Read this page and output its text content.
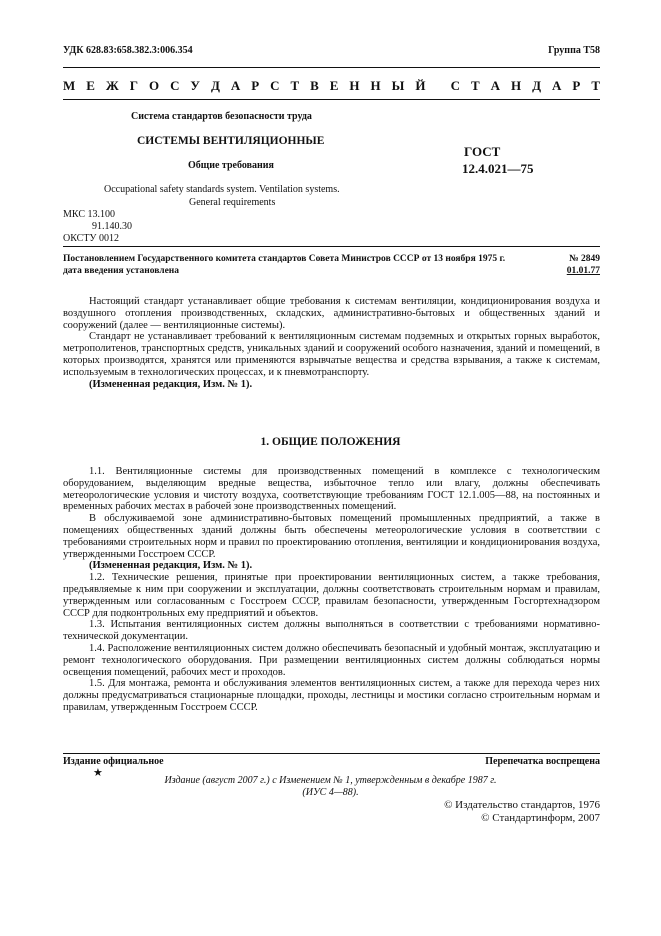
УДК 628.83:658.382.3:006.354	Группа Т58
М Е Ж Г О С У Д А Р С Т В Е Н Н Ы Й
С Т А Н Д А Р Т
Система стандартов безопасности труда
СИСТЕМЫ ВЕНТИЛЯЦИОННЫЕ
ГОСТ
12.4.021—75
Общие требования
Occupational safety standards system. Ventilation systems.
General requirements
МКС 13.100
91.140.30
ОКСТУ 0012
Постановлением Государственного комитета стандартов Совета Министров СССР от 13 ноября 1975 г.	№ 2849
дата введения установлена	01.01.77

Настоящий стандарт устанавливает общие требования к системам вентиляции, кондиционирования воздуха и воздушного отопления производственных, складских, административно-бытовых и общественных зданий и сооружений (далее — вентиляционные системы).

Стандарт не устанавливает требований к вентиляционным системам подземных и открытых горных выработок, метрополитенов, транспортных средств, уникальных зданий и сооружений особого назначения, зданий и помещений, в которых производятся, хранятся или применяются взрывчатые вещества и средства взрывания, а также к системам, используемым в технологических процессах, и к пневмотранспорту.

(Измененная редакция, Изм. № 1).

1. ОБЩИЕ ПОЛОЖЕНИЯ

1.1. Вентиляционные системы для производственных помещений в комплексе с технологическим оборудованием, выделяющим вредные вещества, избыточное тепло или влагу, должны обеспечивать метеорологические условия и чистоту воздуха, соответствующие требованиям ГОСТ 12.1.005—88, на постоянных и временных рабочих местах в рабочей зоне производственных помещений.

В обслуживаемой зоне административно-бытовых помещений промышленных предприятий, а также в помещениях общественных зданий должны быть обеспечены метеорологические условия в соответствии с требованиями строительных норм и правил по проектированию отопления, вентиляции и кондиционирования воздуха, утвержденными Госстроем СССР.

(Измененная редакция, Изм. № 1).

1.2. Технические решения, принятые при проектировании вентиляционных систем, а также требования, предъявляемые к ним при сооружении и эксплуатации, должны соответствовать строительным нормам и правилам, утвержденным или согласованным с Госстроем СССР, правилам безопасности, утвержденным Госгортехнадзором СССР для подконтрольных ему предприятий и объектов.

1.3. Испытания вентиляционных систем должны выполняться в соответствии с требованиями нормативно-технической документации.

1.4. Расположение вентиляционных систем должно обеспечивать безопасный и удобный монтаж, эксплуатацию и ремонт технологического оборудования. При размещении вентиляционных систем должны соблюдаться нормы освещения помещений, рабочих мест и проходов.

1.5. Для монтажа, ремонта и обслуживания элементов вентиляционных систем, а также для перехода через них должны предусматриваться стационарные площадки, проходы, лестницы и мостики согласно строительным нормам и правилам, утвержденным Госстроем СССР.

Издание официальное	Перепечатка воспрещена
★
Издание (август 2007 г.) с Изменением № 1, утвержденным в декабре 1987 г.
(ИУС 4—88).
© Издательство стандартов, 1976
© Стандартинформ, 2007
